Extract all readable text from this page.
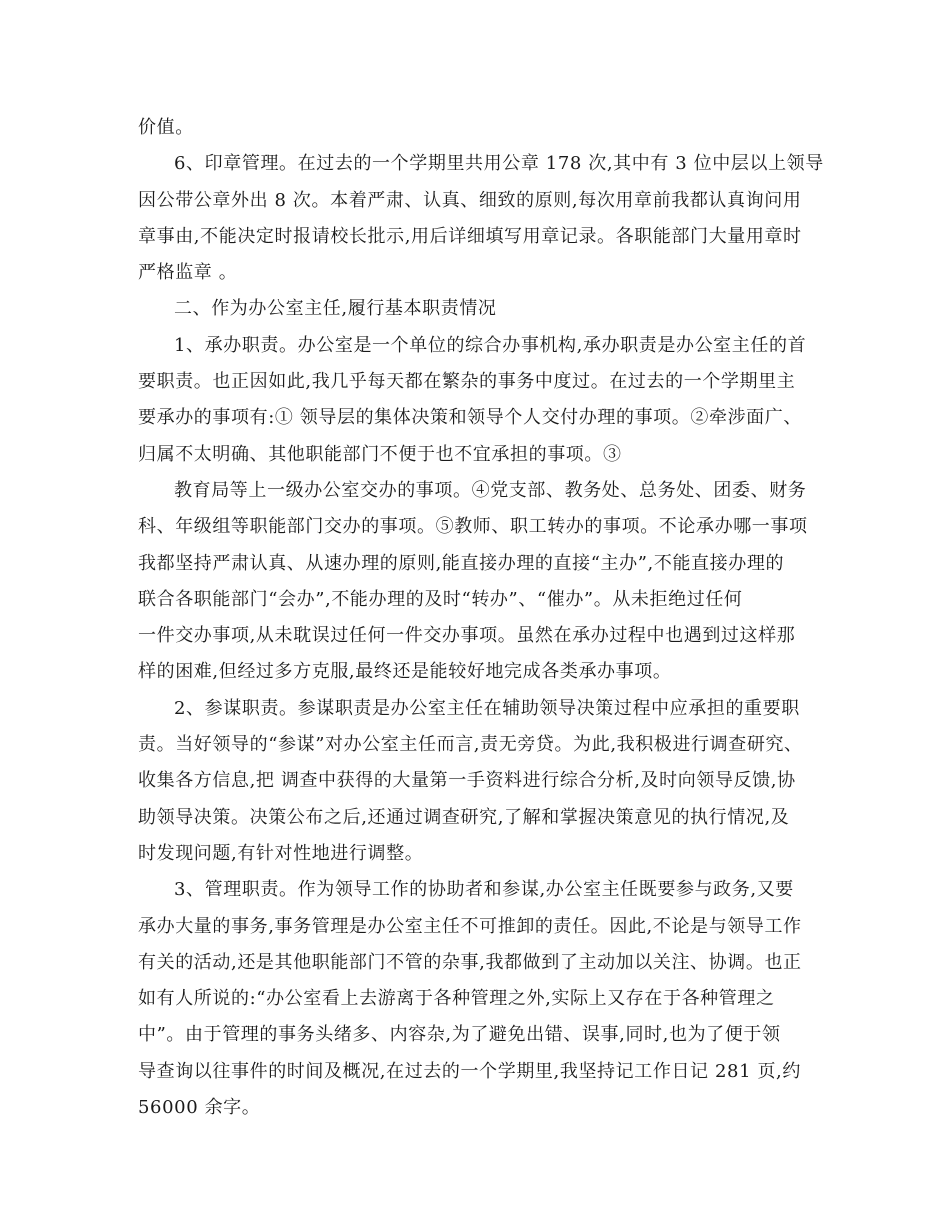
价值。
6、印章管理。在过去的一个学期里共用公章 178 次,其中有 3 位中层以上领导
因公带公章外出 8 次。本着严肃、认真、细致的原则,每次用章前我都认真询问用
章事由,不能决定时报请校长批示,用后详细填写用章记录。各职能部门大量用章时
严格监章 。
二、作为办公室主任,履行基本职责情况
1、承办职责。办公室是一个单位的综合办事机构,承办职责是办公室主任的首
要职责。也正因如此,我几乎每天都在繁杂的事务中度过。在过去的一个学期里主
要承办的事项有:① 领导层的集体决策和领导个人交付办理的事项。②牵涉面广、
归属不太明确、其他职能部门不便于也不宜承担的事项。③
教育局等上一级办公室交办的事项。④党支部、教务处、总务处、团委、财务
科、年级组等职能部门交办的事项。⑤教师、职工转办的事项。不论承办哪一事项
我都坚持严肃认真、从速办理的原则,能直接办理的直接“主办”,不能直接办理的
联合各职能部门“会办”,不能办理的及时“转办”、“催办”。从未拒绝过任何
一件交办事项,从未耽误过任何一件交办事项。虽然在承办过程中也遇到过这样那
样的困难,但经过多方克服,最终还是能较好地完成各类承办事项。
2、参谋职责。参谋职责是办公室主任在辅助领导决策过程中应承担的重要职
责。当好领导的“参谋”对办公室主任而言,责无旁贷。为此,我积极进行调查研究、
收集各方信息,把 调查中获得的大量第一手资料进行综合分析,及时向领导反馈,协
助领导决策。决策公布之后,还通过调查研究,了解和掌握决策意见的执行情况,及
时发现问题,有针对性地进行调整。
3、管理职责。作为领导工作的协助者和参谋,办公室主任既要参与政务,又要
承办大量的事务,事务管理是办公室主任不可推卸的责任。因此,不论是与领导工作
有关的活动,还是其他职能部门不管的杂事,我都做到了主动加以关注、协调。也正
如有人所说的:“办公室看上去游离于各种管理之外,实际上又存在于各种管理之
中”。由于管理的事务头绪多、内容杂,为了避免出错、误事,同时,也为了便于领
导查询以往事件的时间及概况,在过去的一个学期里,我坚持记工作日记 281 页,约
56000 余字。
